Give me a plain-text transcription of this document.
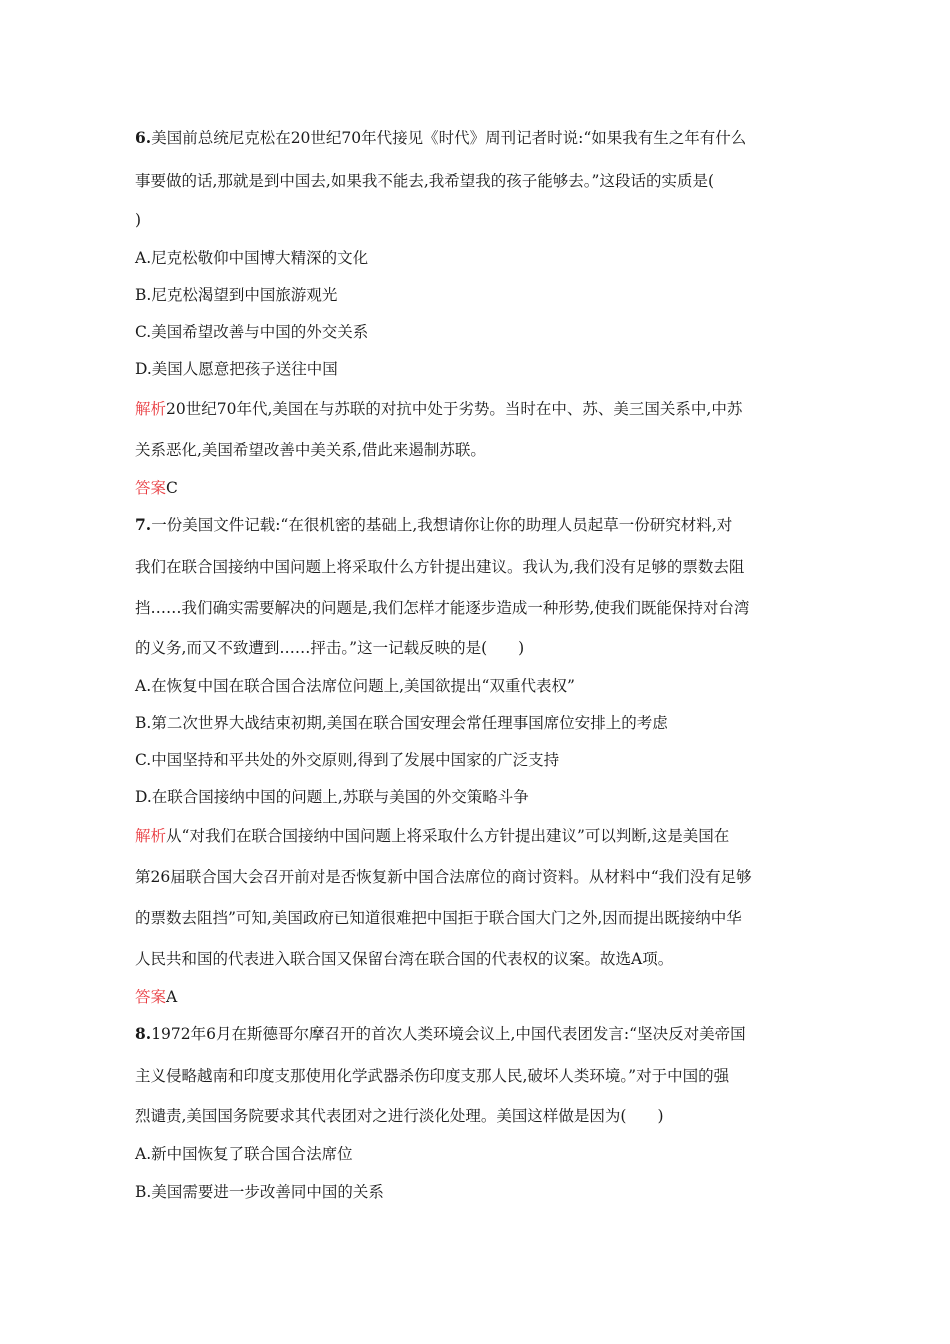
6.美国前总统尼克松在20世纪70年代接见《时代》周刊记者时说:“如果我有生之年有什么
事要做的话,那就是到中国去,如果我不能去,我希望我的孩子能够去。”这段话的实质是(
)
A.尼克松敬仰中国博大精深的文化
B.尼克松渴望到中国旅游观光
C.美国希望改善与中国的外交关系
D.美国人愿意把孩子送往中国
解析20世纪70年代,美国在与苏联的对抗中处于劣势。当时在中、苏、美三国关系中,中苏
关系恶化,美国希望改善中美关系,借此来遏制苏联。
答案C
7.一份美国文件记载:“在很机密的基础上,我想请你让你的助理人员起草一份研究材料,对
我们在联合国接纳中国问题上将采取什么方针提出建议。我认为,我们没有足够的票数去阻
挡……我们确实需要解决的问题是,我们怎样才能逐步造成一种形势,使我们既能保持对台湾
的义务,而又不致遭到……抨击。”这一记载反映的是(　　)
A.在恢复中国在联合国合法席位问题上,美国欲提出“双重代表权”
B.第二次世界大战结束初期,美国在联合国安理会常任理事国席位安排上的考虑
C.中国坚持和平共处的外交原则,得到了发展中国家的广泛支持
D.在联合国接纳中国的问题上,苏联与美国的外交策略斗争
解析从“对我们在联合国接纳中国问题上将采取什么方针提出建议”可以判断,这是美国在
第26届联合国大会召开前对是否恢复新中国合法席位的商讨资料。从材料中“我们没有足够
的票数去阻挡”可知,美国政府已知道很难把中国拒于联合国大门之外,因而提出既接纳中华
人民共和国的代表进入联合国又保留台湾在联合国的代表权的议案。故选A项。
答案A
8.1972年6月在斯德哥尔摩召开的首次人类环境会议上,中国代表团发言:“坚决反对美帝国
主义侵略越南和印度支那使用化学武器杀伤印度支那人民,破坏人类环境。”对于中国的强
烈谴责,美国国务院要求其代表团对之进行淡化处理。美国这样做是因为(　　)
A.新中国恢复了联合国合法席位
B.美国需要进一步改善同中国的关系
